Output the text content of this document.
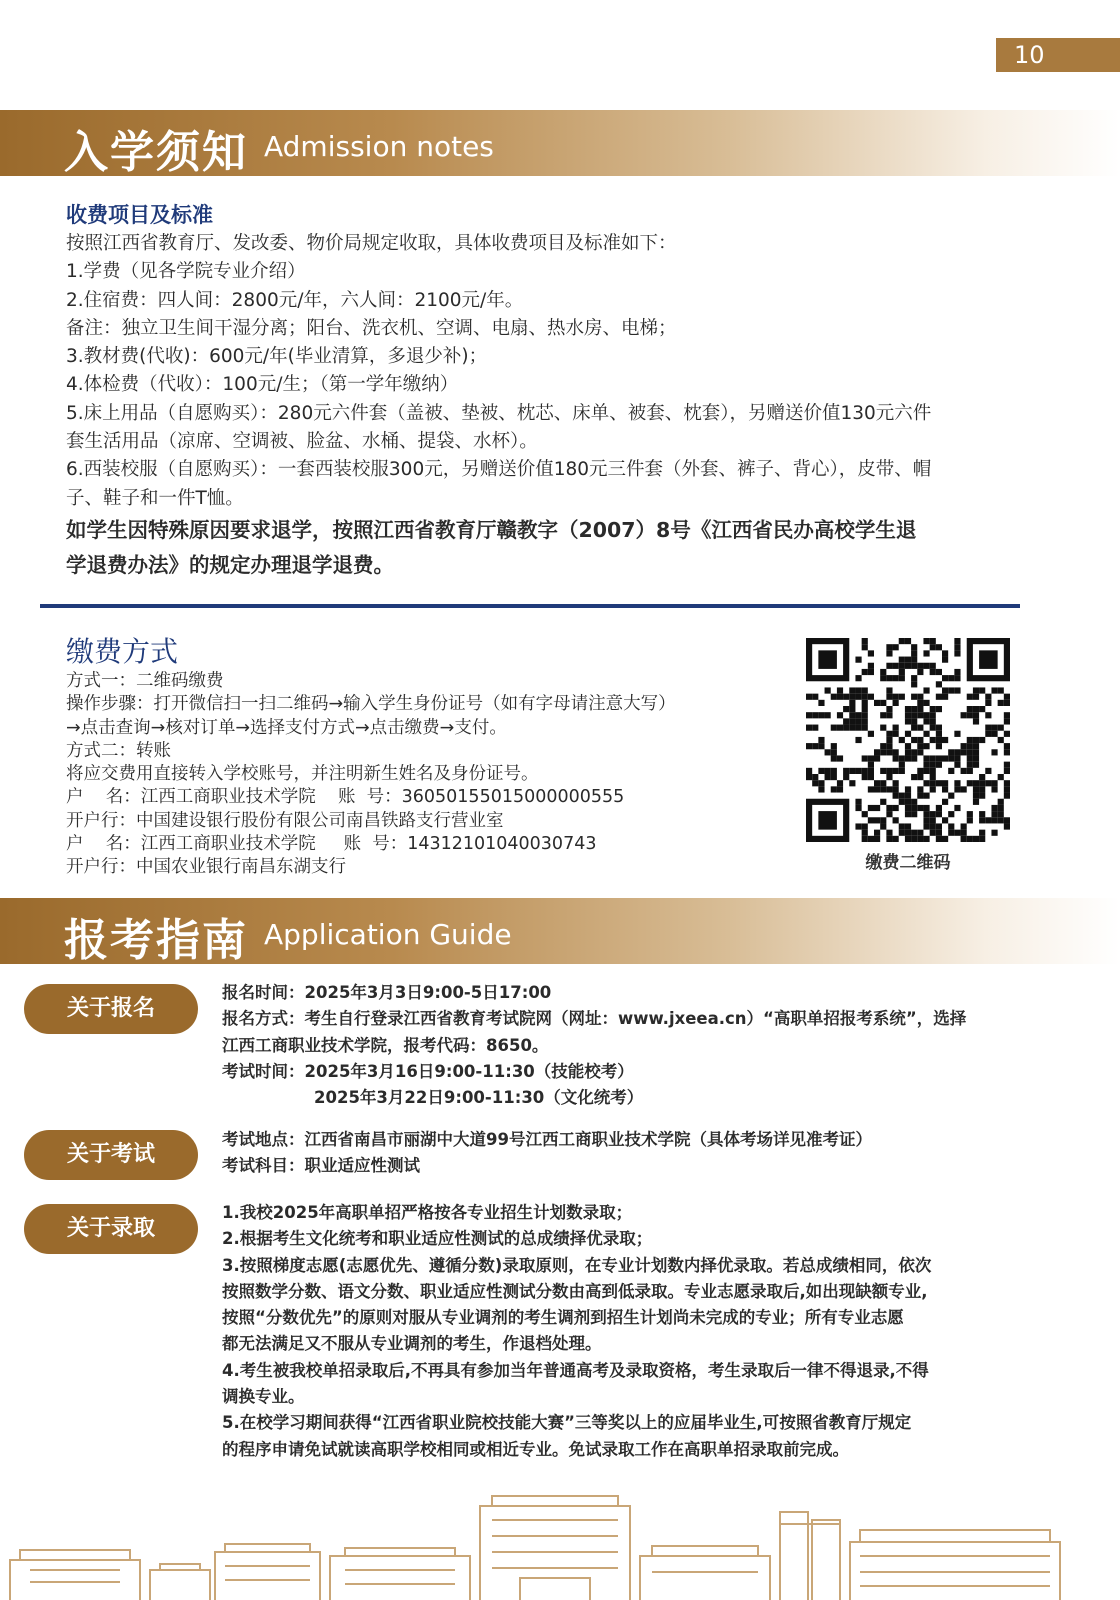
10
入学须知 Admission notes
收费项目及标准
按照江西省教育厅、发改委、物价局规定收取，具体收费项目及标准如下：
1.学费（见各学院专业介绍）
2.住宿费：四人间：2800元/年，六人间：2100元/年。
备注：独立卫生间干湿分离；阳台、洗衣机、空调、电扇、热水房、电梯；
3.教材费(代收)：600元/年(毕业清算，多退少补)；
4.体检费（代收）：100元/生；（第一学年缴纳）
5.床上用品（自愿购买）：280元六件套（盖被、垫被、枕芯、床单、被套、枕套），另赠送价值130元六件
套生活用品（凉席、空调被、脸盆、水桶、提袋、水杯）。
6.西装校服（自愿购买）：一套西装校服300元，另赠送价值180元三件套（外套、裤子、背心），皮带、帽
子、鞋子和一件T恤。
如学生因特殊原因要求退学，按照江西省教育厅赣教字（2007）8号《江西省民办高校学生退
学退费办法》的规定办理退学退费。
缴费方式
方式一：二维码缴费
操作步骤：打开微信扫一扫二维码→输入学生身份证号（如有字母请注意大写）
→点击查询→核对订单→选择支付方式→点击缴费→支付。
方式二：转账
将应交费用直接转入学校账号，并注明新生姓名及身份证号。
户    名：江西工商职业技术学院    账  号：36050155015000000555
开户行：中国建设银行股份有限公司南昌铁路支行营业室
户    名：江西工商职业技术学院     账  号：14312101040030743
开户行：中国农业银行南昌东湖支行	缴费二维码
报考指南 Application Guide
关于报名
报名时间：2025年3月3日9:00-5日17:00
报名方式：考生自行登录江西省教育考试院网（网址：www.jxeea.cn）“高职单招报考系统”，选择
江西工商职业技术学院，报考代码：8650。
考试时间：2025年3月16日9:00-11:30（技能校考）
2025年3月22日9:00-11:30（文化统考）
关于考试
考试地点：江西省南昌市丽湖中大道99号江西工商职业技术学院（具体考场详见准考证）
考试科目：职业适应性测试
关于录取
1.我校2025年高职单招严格按各专业招生计划数录取；
2.根据考生文化统考和职业适应性测试的总成绩择优录取；
3.按照梯度志愿(志愿优先、遵循分数)录取原则，在专业计划数内择优录取。若总成绩相同，依次
按照数学分数、语文分数、职业适应性测试分数由高到低录取。专业志愿录取后,如出现缺额专业,
按照“分数优先”的原则对服从专业调剂的考生调剂到招生计划尚未完成的专业；所有专业志愿
都无法满足又不服从专业调剂的考生，作退档处理。
4.考生被我校单招录取后,不再具有参加当年普通高考及录取资格，考生录取后一律不得退录,不得
调换专业。
5.在校学习期间获得“江西省职业院校技能大赛”三等奖以上的应届毕业生,可按照省教育厅规定
的程序申请免试就读高职学校相同或相近专业。免试录取工作在高职单招录取前完成。
